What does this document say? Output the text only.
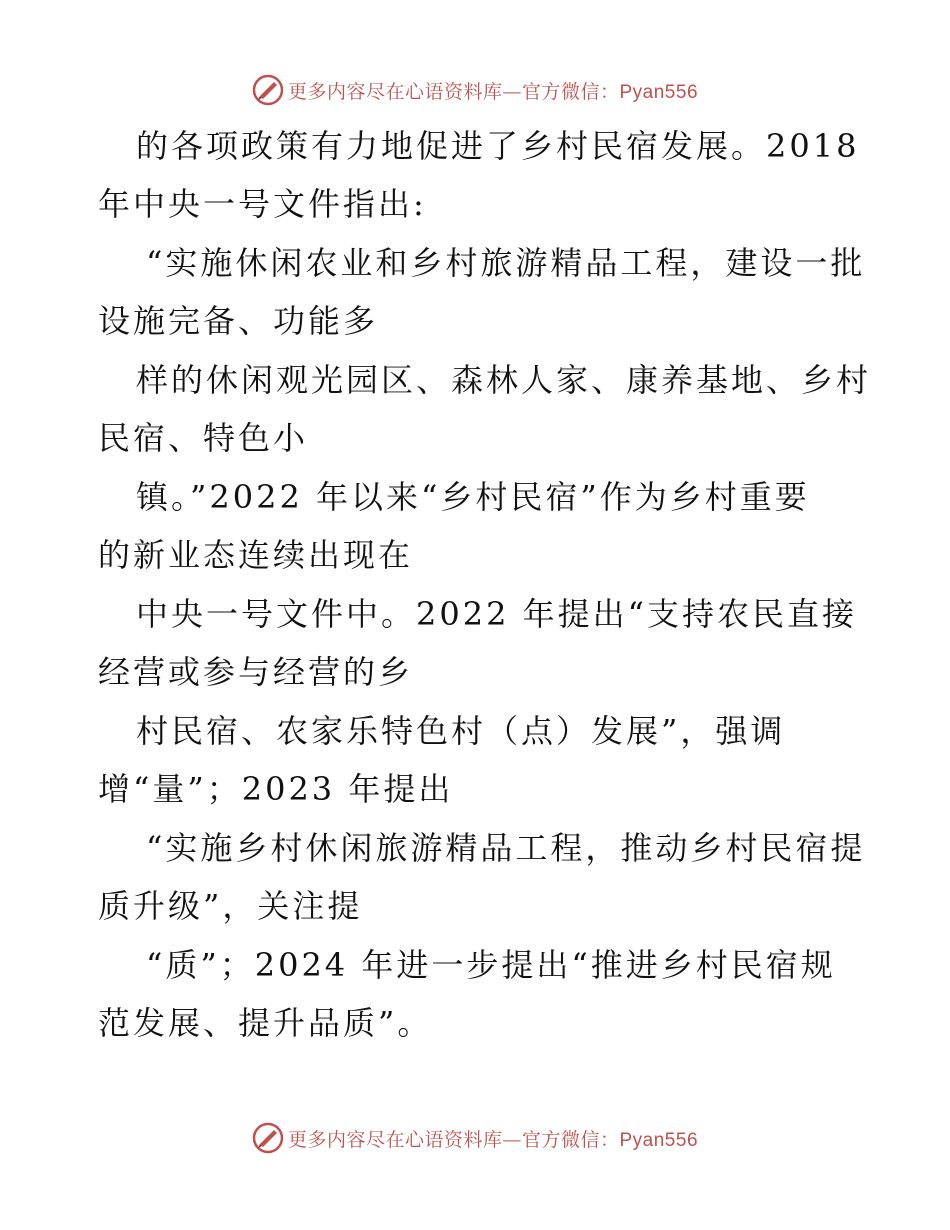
更多内容尽在心语资料库—官方微信：Pyan556
的各项政策有力地促进了乡村民宿发展。2018
年中央一号文件指出:
“实施休闲农业和乡村旅游精品工程，建设一批
设施完备、功能多
样的休闲观光园区、森林人家、康养基地、乡村
民宿、特色小
镇。”2022 年以来“乡村民宿”作为乡村重要
的新业态连续出现在
中央一号文件中。2022 年提出“支持农民直接
经营或参与经营的乡
村民宿、农家乐特色村（点）发展”，强调
增“量”；2023 年提出
“实施乡村休闲旅游精品工程，推动乡村民宿提
质升级”，关注提
“质”；2024 年进一步提出“推进乡村民宿规
范发展、提升品质”。
更多内容尽在心语资料库—官方微信：Pyan556
